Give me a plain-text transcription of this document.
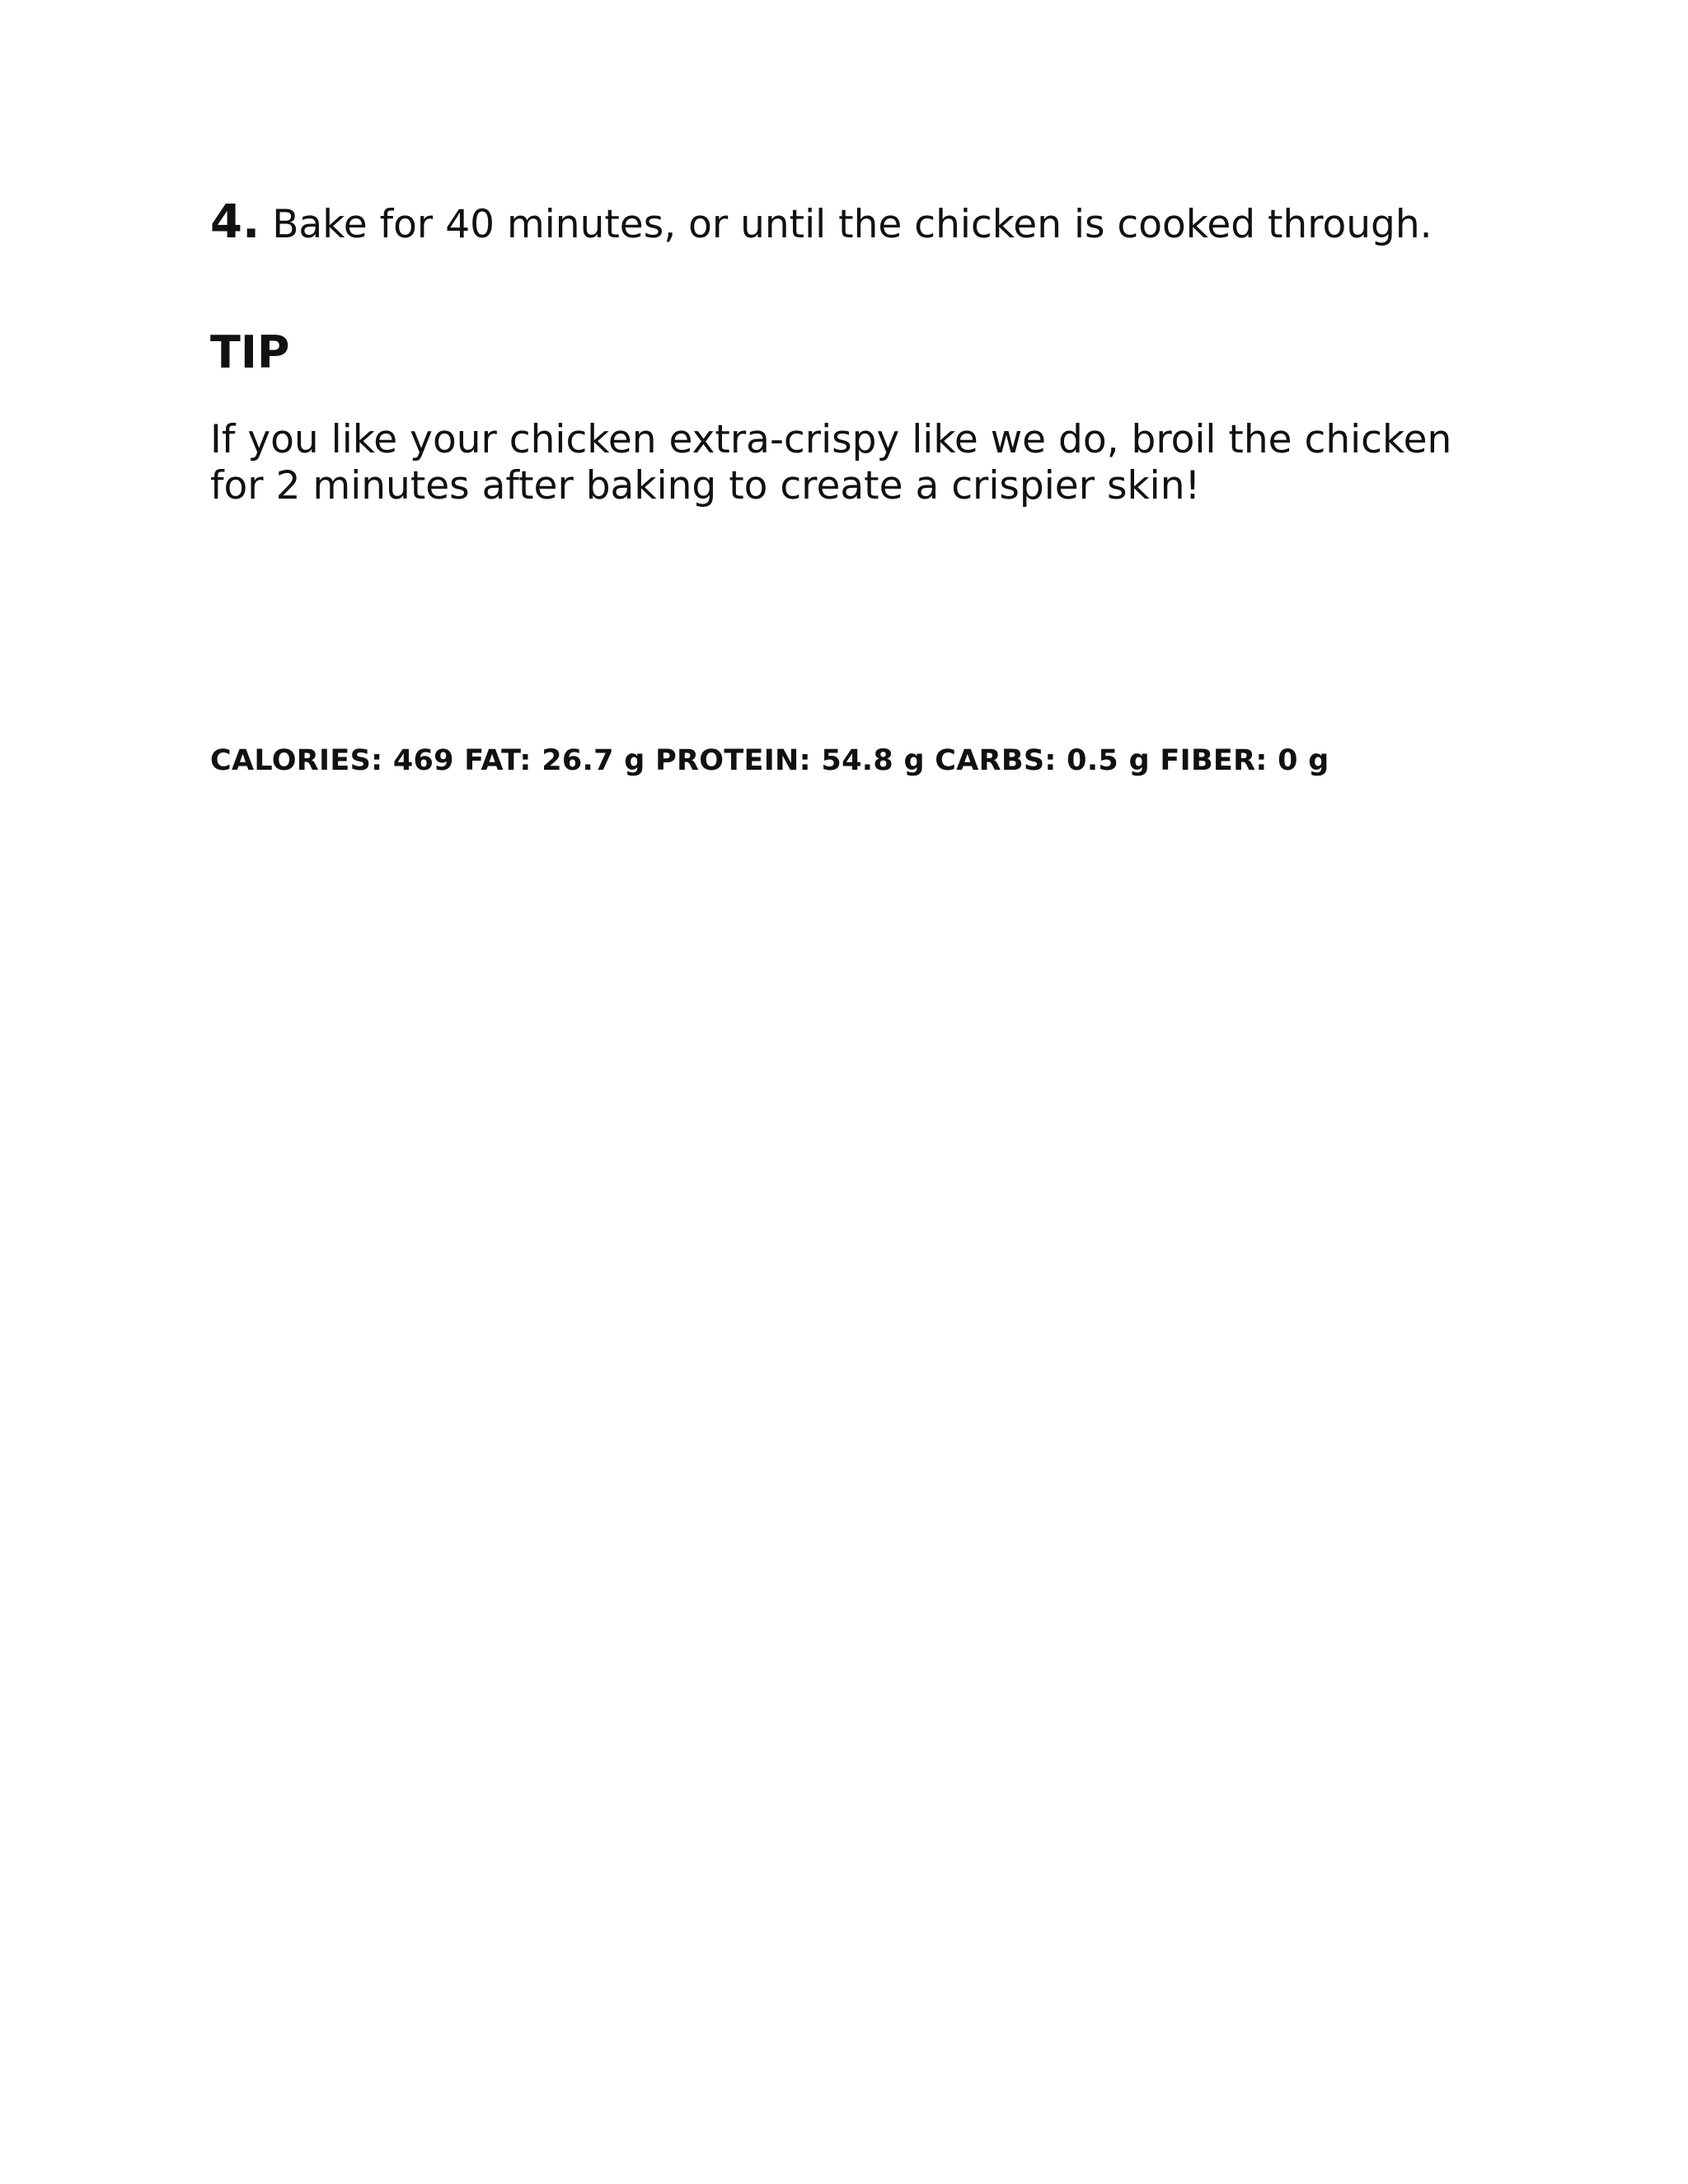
4. Bake for 40 minutes, or until the chicken is cooked through.
TIP

If you like your chicken extra-crispy like we do, broil the chicken for 2 minutes after baking to create a crispier skin!

CALORIES: 469 FAT: 26.7 g PROTEIN: 54.8 g CARBS: 0.5 g FIBER: 0 g
